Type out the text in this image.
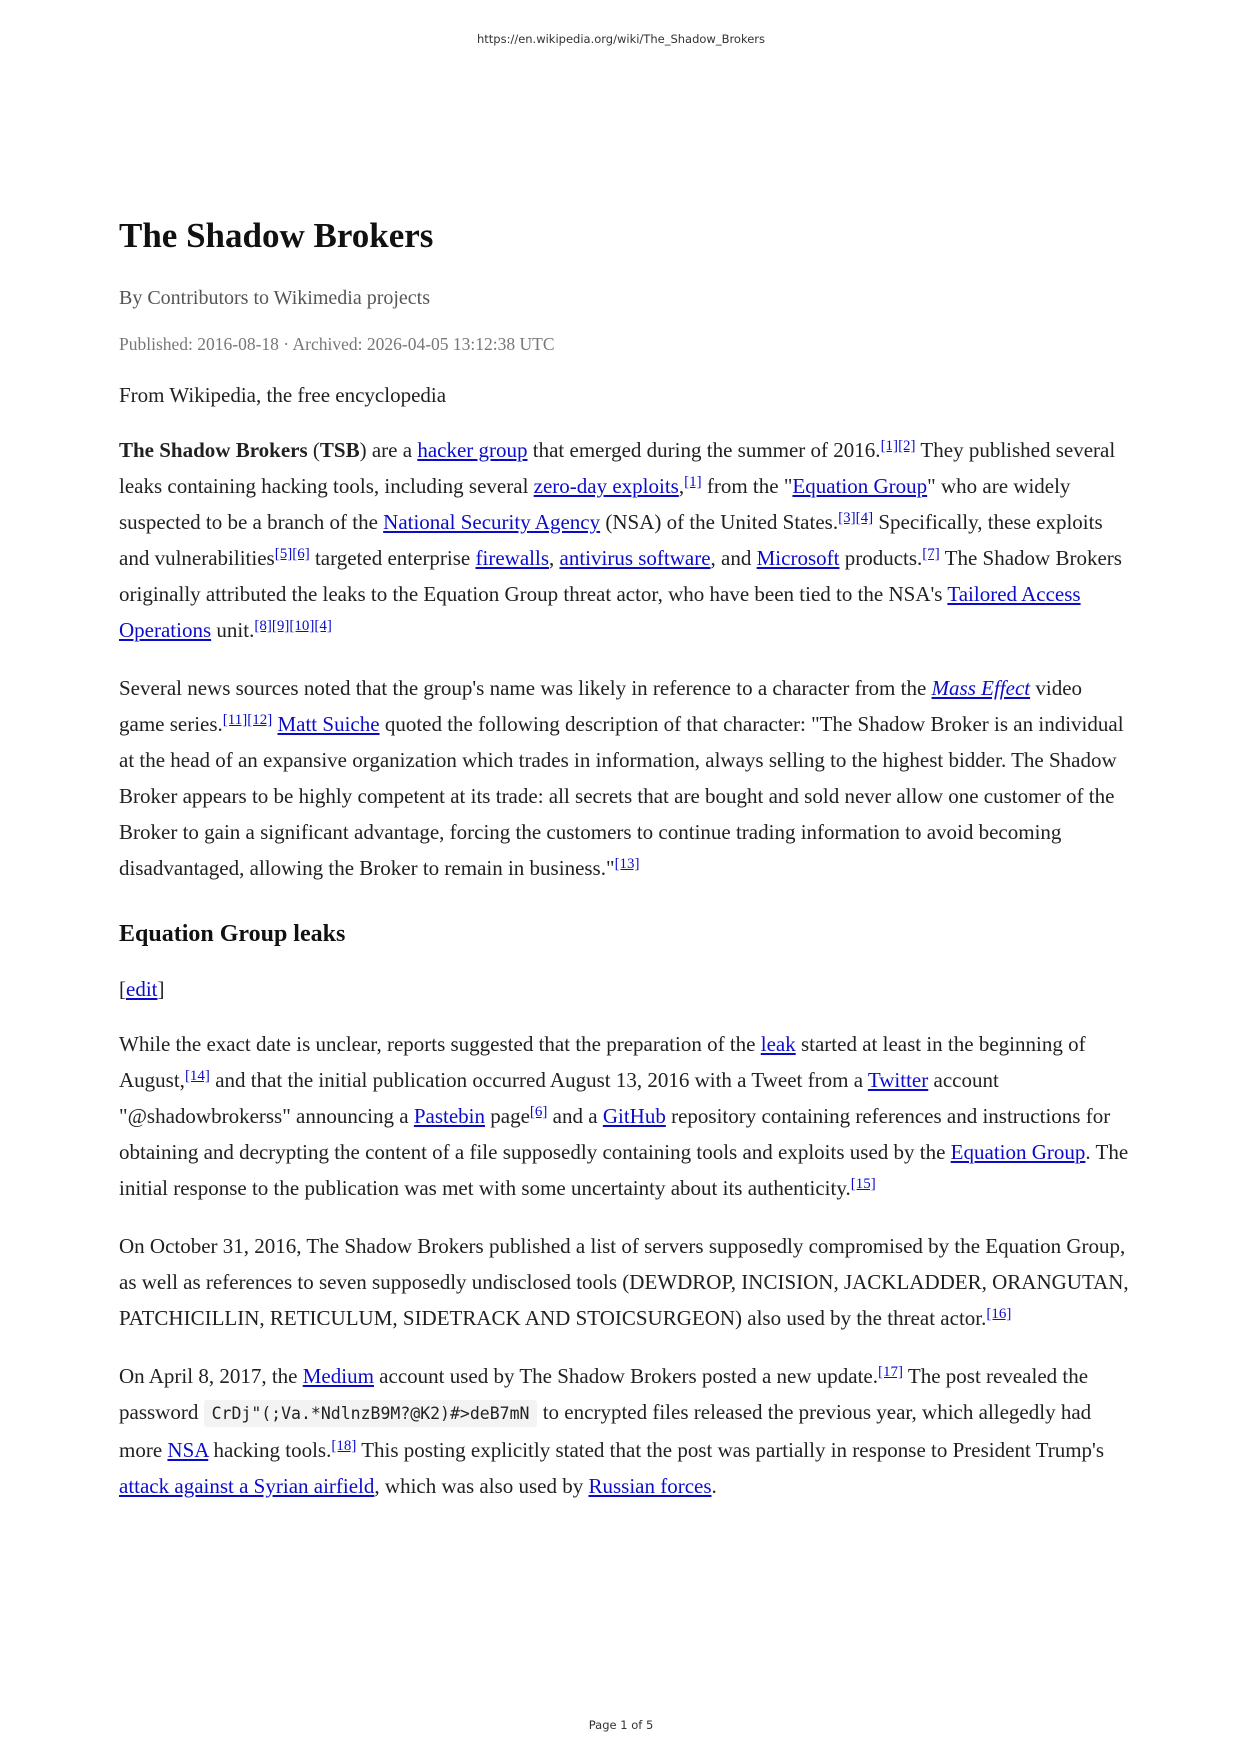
https://en.wikipedia.org/wiki/The_Shadow_Brokers
The Shadow Brokers
By Contributors to Wikimedia projects
Published: 2016-08-18 · Archived: 2026-04-05 13:12:38 UTC
From Wikipedia, the free encyclopedia

The Shadow Brokers (TSB) are a hacker group that emerged during the summer of 2016.[1][2] They published several leaks containing hacking tools, including several zero-day exploits,[1] from the "Equation Group" who are widely suspected to be a branch of the National Security Agency (NSA) of the United States.[3][4] Specifically, these exploits and vulnerabilities[5][6] targeted enterprise firewalls, antivirus software, and Microsoft products.[7] The Shadow Brokers originally attributed the leaks to the Equation Group threat actor, who have been tied to the NSA's Tailored Access Operations unit.[8][9][10][4]

Several news sources noted that the group's name was likely in reference to a character from the Mass Effect video game series.[11][12] Matt Suiche quoted the following description of that character: "The Shadow Broker is an individual at the head of an expansive organization which trades in information, always selling to the highest bidder. The Shadow Broker appears to be highly competent at its trade: all secrets that are bought and sold never allow one customer of the Broker to gain a significant advantage, forcing the customers to continue trading information to avoid becoming disadvantaged, allowing the Broker to remain in business."[13]

Equation Group leaks
[edit]

While the exact date is unclear, reports suggested that the preparation of the leak started at least in the beginning of August,[14] and that the initial publication occurred August 13, 2016 with a Tweet from a Twitter account "@shadowbrokerss" announcing a Pastebin page[6] and a GitHub repository containing references and instructions for obtaining and decrypting the content of a file supposedly containing tools and exploits used by the Equation Group. The initial response to the publication was met with some uncertainty about its authenticity.[15]

On October 31, 2016, The Shadow Brokers published a list of servers supposedly compromised by the Equation Group, as well as references to seven supposedly undisclosed tools (DEWDROP, INCISION, JACKLADDER, ORANGUTAN, PATCHICILLIN, RETICULUM, SIDETRACK AND STOICSURGEON) also used by the threat actor.[16]

On April 8, 2017, the Medium account used by The Shadow Brokers posted a new update.[17] The post revealed the password CrDj"(;Va.*NdlnzB9M?@K2)#>deB7mN to encrypted files released the previous year, which allegedly had more NSA hacking tools.[18] This posting explicitly stated that the post was partially in response to President Trump's attack against a Syrian airfield, which was also used by Russian forces.

Page 1 of 5
